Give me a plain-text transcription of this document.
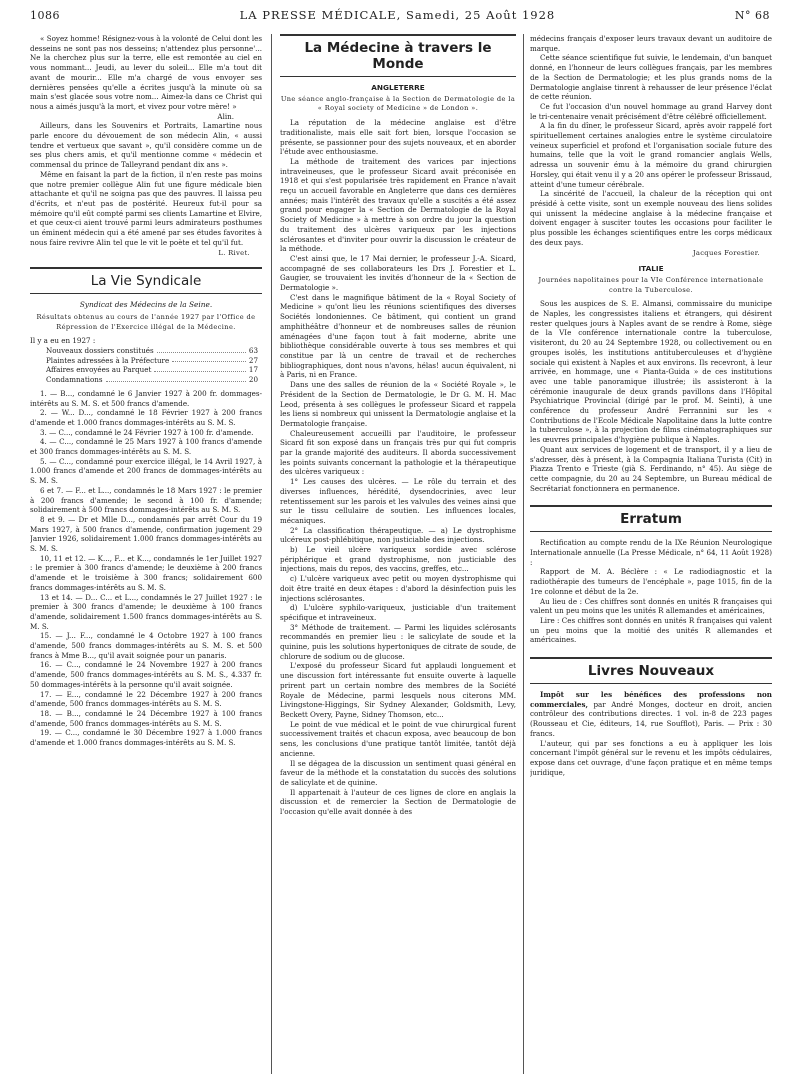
1086	LA PRESSE MÉDICALE, Samedi, 25 Août 1928	N° 68

« Soyez homme! Résignez-vous à la volonté de Celui dont les desseins ne sont pas nos desseins; n'attendez plus personne'... Ne la cherchez plus sur la terre, elle est remontée au ciel en vous nommant... Jeudi, au lever du soleil... Elle m'a tout dit avant de mourir... Elle m'a chargé de vous envoyer ses dernières pensées qu'elle a écrites jusqu'à la minute où sa main s'est glacée sous votre nom... Aimez-la dans ce Christ qui nous a aimés jusqu'à la mort, et vivez pour votre mère! »

Alin.

Ailleurs, dans les Souvenirs et Portraits, Lamartine nous parle encore du dévouement de son médecin Alin, « aussi tendre et vertueux que savant », qu'il considère comme un de ses plus chers amis, et qu'il mentionne comme « médecin et commensal du prince de Talleyrand pendant dix ans ».

Même en faisant la part de la fiction, il n'en reste pas moins que notre premier collègue Alin fut une figure médicale bien attachante et qu'il ne soigna pas que des pauvres. Il laissa peu d'écrits, et n'eut pas de postérité. Heureux fut-il pour sa mémoire qu'il eût compté parmi ses clients Lamartine et Elvire, et que ceux-ci aient trouvé parmi leurs admirateurs posthumes un éminent médecin qui a été amené par ses études favorites à nous faire revivre Alin tel que le vit le poète et tel qu'il fut.

L. Rivet.
La Vie Syndicale
Syndicat des Médecins de la Seine.
Résultats obtenus au cours de l'année 1927 par l'Office de Répression de l'Exercice illégal de la Médecine.

Il y a eu en 1927 :

Nouveaux dossiers constitués	63
Plaintes adressées à la Préfecture	27
Affaires envoyées au Parquet	17
Condamnations	20

1. — B..., condamné le 6 Janvier 1927 à 200 fr. dommages-intérêts au S. M. S. et 500 francs d'amende.

2. — W... D..., condamné le 18 Février 1927 à 200 francs d'amende et 1.000 francs dommages-intérêts au S. M. S.

3. — C..., condamné le 24 Février 1927 à 100 fr. d'amende.

4. — C..., condamné le 25 Mars 1927 à 100 francs d'amende et 300 francs dommages-intérêts au S. M. S.

5. — C..., condamné pour exercice illégal, le 14 Avril 1927, à 1.000 francs d'amende et 200 francs de dommages-intérêts au S. M. S.

6 et 7. — F... et L..., condamnés le 18 Mars 1927 : le premier à 200 francs d'amende; le second à 100 fr. d'amende; solidairement à 500 francs dommages-intérêts au S. M. S.

8 et 9. — Dr et Mlle D..., condamnés par arrêt Cour du 19 Mars 1927, à 500 francs d'amende, confirmation jugement 29 Janvier 1926, solidairement 1.000 francs dommages-intérêts au S. M. S.

10, 11 et 12. — K..., F... et K..., condamnés le 1er Juillet 1927 : le premier à 300 francs d'amende; le deuxième à 200 francs d'amende et le troisième à 300 francs; solidairement 600 francs dommages-intérêts au S. M. S.

13 et 14. — D... C... et L..., condamnés le 27 Juillet 1927 : le premier à 300 francs d'amende; le deuxième à 100 francs d'amende, solidairement 1.500 francs dommages-intérêts au S. M. S.

15. — J... F..., condamné le 4 Octobre 1927 à 100 francs d'amende, 500 francs dommages-intérêts au S. M. S. et 500 francs à Mme B..., qu'il avait soignée pour un panaris.

16. — C..., condamné le 24 Novembre 1927 à 200 francs d'amende, 500 francs dommages-intérêts au S. M. S., 4.337 fr. 50 dommages-intérêts à la personne qu'il avait soignée.

17. — E..., condamné le 22 Décembre 1927 à 200 francs d'amende, 500 francs dommages-intérêts au S. M. S.

18. — B..., condamné le 24 Décembre 1927 à 100 francs d'amende, 500 francs dommages-intérêts au S. M. S.

19. — C..., condamné le 30 Décembre 1927 à 1.000 francs d'amende et 1.000 francs dommages-intérêts au S. M. S.

La Médecine à travers le Monde
ANGLETERRE
Une séance anglo-française à la Section de Dermatologie de la « Royal society of Medicine » de London ».

La réputation de la médecine anglaise est d'être traditionaliste, mais elle sait fort bien, lorsque l'occasion se présente, se passionner pour des sujets nouveaux, et en aborder l'étude avec enthousiasme.

La méthode de traitement des varices par injections intraveineuses, que le professeur Sicard avait préconisée en 1918 et qui s'est popularisée très rapidement en France n'avait reçu un accueil favorable en Angleterre que dans ces dernières années; mais l'intérêt des travaux qu'elle a suscités a été assez grand pour engager la « Section de Dermatologie de la Royal Society of Medicine » à mettre à son ordre du jour la question du traitement des ulcères variqueux par les injections sclérosantes et d'inviter pour ouvrir la discussion le créateur de la méthode.

C'est ainsi que, le 17 Mai dernier, le professeur J.-A. Sicard, accompagné de ses collaborateurs les Drs J. Forestier et L. Gaugier, se trouvaient les invités d'honneur de la « Section de Dermatologie ».

C'est dans le magnifique bâtiment de la « Royal Society of Medicine » qu'ont lieu les réunions scientifiques des diverses Sociétés londoniennes. Ce bâtiment, qui contient un grand amphithéâtre d'honneur et de nombreuses salles de réunion aménagées d'une façon tout à fait moderne, abrite une bibliothèque considérable ouverte à tous ses membres et qui constitue par là un centre de travail et de recherches bibliographiques, dont nous n'avons, hélas! aucun équivalent, ni à Paris, ni en France.

Dans une des salles de réunion de la « Société Royale », le Président de la Section de Dermatologie, le Dr G. M. H. Mac Leod, présenta à ses collègues le professeur Sicard et rappela les liens si nombreux qui unissent la Dermatologie anglaise et la Dermatologie française.

Chaleureusement accueilli par l'auditoire, le professeur Sicard fit son exposé dans un français très pur qui fut compris par la grande majorité des auditeurs. Il aborda successivement les points suivants concernant la pathologie et la thérapeutique des ulcères variqueux :

1° Les causes des ulcères. — Le rôle du terrain et des diverses influences, hérédité, dysendocrinies, avec leur retentissement sur les parois et les valvules des veines ainsi que sur le tissu cellulaire de soutien. Les influences locales, mécaniques.

2° La classification thérapeutique. — a) Le dystrophisme ulcéreux post-phlébitique, non justiciable des injections.

b) Le vieil ulcère variqueux sordide avec sclérose périphérique et grand dystrophisme, non justiciable des injections, mais du repos, des vaccins, greffes, etc...

c) L'ulcère variqueux avec petit ou moyen dystrophisme qui doit être traité en deux étapes : d'abord la désinfection puis les injections sclérosantes.

d) L'ulcère syphilo-variqueux, justiciable d'un traitement spécifique et intraveineux.

3° Méthode de traitement. — Parmi les liquides sclérosants recommandés en premier lieu : le salicylate de soude et la quinine, puis les solutions hypertoniques de citrate de soude, de chlorure de sodium ou de glucose.

L'exposé du professeur Sicard fut applaudi longuement et une discussion fort intéressante fut ensuite ouverte à laquelle prirent part un certain nombre des membres de la Société Royale de Médecine, parmi lesquels nous citerons MM. Livingstone-Higgings, Sir Sydney Alexander, Goldsmith, Levy, Beckett Overy, Payne, Sidney Thomson, etc...

Le point de vue médical et le point de vue chirurgical furent successivement traités et chacun exposa, avec beaucoup de bon sens, les conclusions d'une pratique tantôt limitée, tantôt déjà ancienne.

Il se dégagea de la discussion un sentiment quasi général en faveur de la méthode et la constatation du succès des solutions de salicylate et de quinine.

Il appartenait à l'auteur de ces lignes de clore en anglais la discussion et de remercier la Section de Dermatologie de l'occasion qu'elle avait donnée à des

médecins français d'exposer leurs travaux devant un auditoire de marque.

Cette séance scientifique fut suivie, le lendemain, d'un banquet donné, en l'honneur de leurs collègues français, par les membres de la Section de Dermatologie; et les plus grands noms de la Dermatologie anglaise tinrent à rehausser de leur présence l'éclat de cette réunion.

Ce fut l'occasion d'un nouvel hommage au grand Harvey dont le tri-centenaire venait précisément d'être célébré officiellement.

A la fin du dîner, le professeur Sicard, après avoir rappelé fort spirituellement certaines analogies entre le système circulatoire veineux superficiel et profond et l'organisation sociale future des humains, telle que la voit le grand romancier anglais Wells, adressa un souvenir ému à la mémoire du grand chirurgien Horsley, qui était venu il y a 20 ans opérer le professeur Brissaud, atteint d'une tumeur cérébrale.

La sincérité de l'accueil, la chaleur de la réception qui ont présidé à cette visite, sont un exemple nouveau des liens solides qui unissent la médecine anglaise à la médecine française et doivent engager à susciter toutes les occasions pour faciliter le plus possible les échanges scientifiques entre les corps médicaux des deux pays.

Jacques Forestier.
ITALIE
Journées napolitaines pour la VIe Conférence internationale contre la Tuberculose.

Sous les auspices de S. E. Almansi, commissaire du municipe de Naples, les congressistes italiens et étrangers, qui désirent rester quelques jours à Naples avant de se rendre à Rome, siège de la VIe conférence internationale contre la tuberculose, visiteront, du 20 au 24 Septembre 1928, ou collectivement ou en groupes isolés, les institutions antituberculeuses et d'hygiène sociale qui existent à Naples et aux environs. Ils recevront, à leur arrivée, en hommage, une « Pianta-Guida » de ces institutions avec une table panoramique illustrée; ils assisteront à la cérémonie inaugurale de deux grands pavillons dans l'Hôpital Psychiatrique Provincial (dirigé par le prof. M. Seinti), à une conférence du professeur André Ferrannini sur les « Contributions de l'Ecole Médicale Napolitaine dans la lutte contre la tuberculose », à la projection de films cinématographiques sur les œuvres principales d'hygiène publique à Naples.

Quant aux services de logement et de transport, il y a lieu de s'adresser, dès à présent, à la Compagnia Italiana Turista (Cit) in Piazza Trento e Trieste (già S. Ferdinando, n° 45). Au siège de cette compagnie, du 20 au 24 Septembre, un Bureau médical de Secrétariat fonctionnera en permanence.

Erratum

Rectification au compte rendu de la IXe Réunion Neurologique Internationale annuelle (La Presse Médicale, n° 64, 11 Août 1928) :

Rapport de M. A. Béclère : « Le radiodiagnostic et la radiothérapie des tumeurs de l'encéphale », page 1015, fin de la 1re colonne et début de la 2e.

Au lieu de : Ces chiffres sont donnés en unités R françaises qui valent un peu moins que les unités R allemandes et américaines,

Lire : Ces chiffres sont donnés en unités R françaises qui valent un peu moins que la moitié des unités R allemandes et américaines.

Livres Nouveaux

Impôt sur les bénéfices des professions non commerciales, par André Monges, docteur en droit, ancien contrôleur des contributions directes. 1 vol. in-8 de 223 pages (Rousseau et Cie, éditeurs, 14, rue Soufflot), Paris. — Prix : 30 francs.

L'auteur, qui par ses fonctions a eu à appliquer les lois concernant l'impôt général sur le revenu et les impôts cédulaires, expose dans cet ouvrage, d'une façon pratique et en même temps juridique,
